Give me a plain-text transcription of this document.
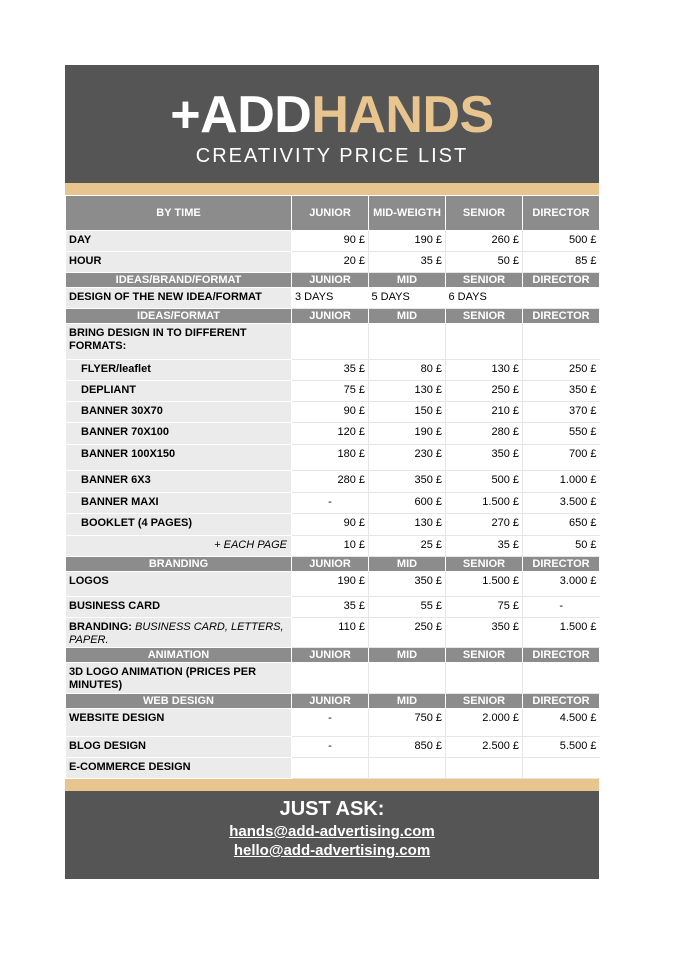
+ADDHANDS
CREATIVITY PRICE LIST
BY TIME	JUNIOR	MID-WEIGTH	SENIOR	DIRECTOR
DAY	90 £	190 £	260 £	500 £
HOUR	20 £	35 £	50 £	85 £
IDEAS/BRAND/FORMAT	JUNIOR	MID	SENIOR	DIRECTOR
DESIGN OF THE NEW IDEA/FORMAT	3 DAYS	5 DAYS	6 DAYS	
IDEAS/FORMAT	JUNIOR	MID	SENIOR	DIRECTOR
BRING DESIGN IN TO DIFFERENT FORMATS:				
FLYER/leaflet	35 £	80 £	130 £	250 £
DEPLIANT	75 £	130 £	250 £	350 £
BANNER 30X70	90 £	150 £	210 £	370 £
BANNER 70X100	120 £	190 £	280 £	550 £
BANNER 100X150	180 £	230 £	350 £	700 £
BANNER 6X3	280 £	350 £	500 £	1.000 £
BANNER MAXI	-	600 £	1.500 £	3.500 £
BOOKLET (4 PAGES)	90 £	130 £	270 £	650 £
+ EACH PAGE	10 £	25 £	35 £	50 £
BRANDING	JUNIOR	MID	SENIOR	DIRECTOR
LOGOS	190 £	350 £	1.500 £	3.000 £
BUSINESS CARD	35 £	55 £	75 £	-
BRANDING: BUSINESS CARD, LETTERS, PAPER.	110 £	250 £	350 £	1.500 £
ANIMATION	JUNIOR	MID	SENIOR	DIRECTOR
3D LOGO ANIMATION (PRICES PER MINUTES)				
WEB DESIGN	JUNIOR	MID	SENIOR	DIRECTOR
WEBSITE DESIGN	-	750 £	2.000 £	4.500 £
BLOG DESIGN	-	850 £	2.500 £	5.500 £
E-COMMERCE DESIGN				
JUST ASK:
hands@add-advertising.com
hello@add-advertising.com
